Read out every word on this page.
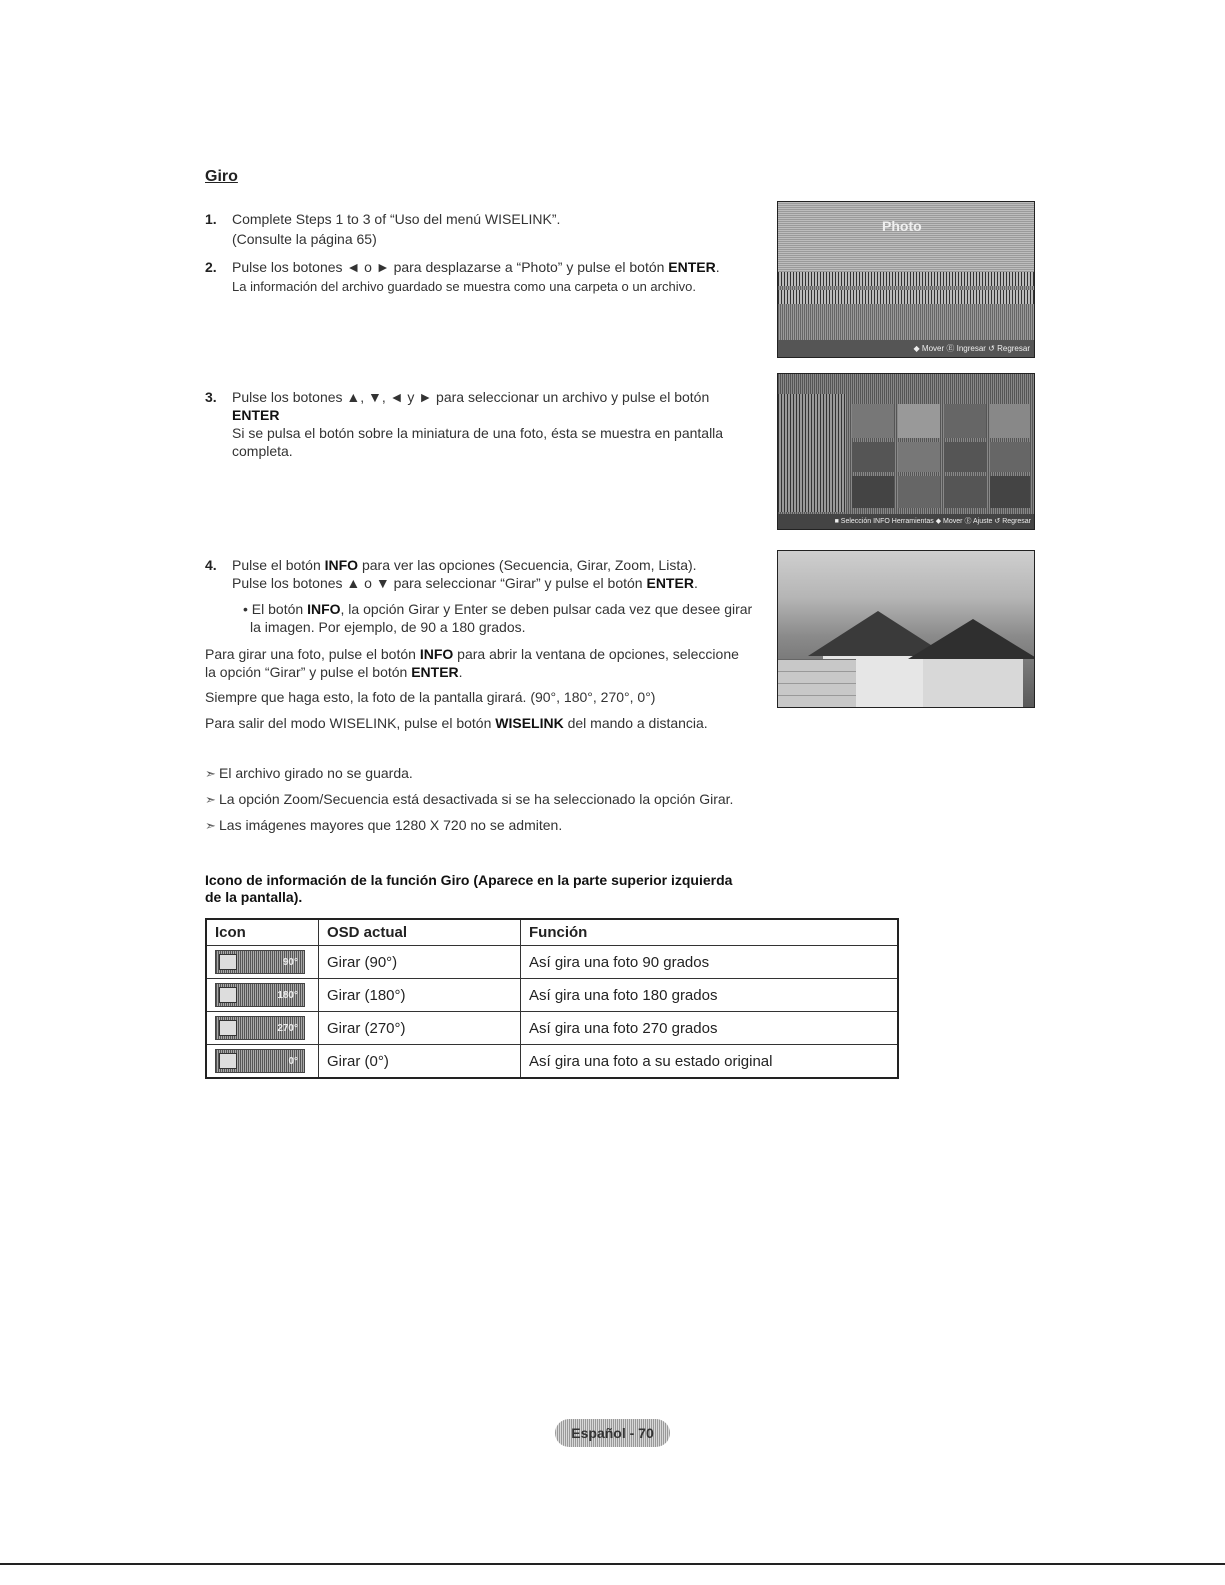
Giro
1.	Complete Steps 1 to 3 of “Uso del menú WISELINK”.
(Consulte la página 65)
2.	Pulse los botones ◄ o ► para desplazarse a “Photo” y pulse el botón ENTER.
La información del archivo guardado se muestra como una carpeta o un archivo.
3.	Pulse los botones ▲, ▼, ◄ y ► para seleccionar un archivo y pulse el botón
ENTER
Si se pulsa el botón sobre la miniatura de una foto, ésta se muestra en pantalla
completa.
4.	Pulse el botón INFO para ver las opciones (Secuencia, Girar, Zoom, Lista).
Pulse los botones ▲ o ▼ para seleccionar “Girar” y pulse el botón ENTER.
• El botón INFO, la opción Girar y Enter se deben pulsar cada vez que desee girar
la imagen. Por ejemplo, de 90 a 180 grados.
Para girar una foto, pulse el botón INFO para abrir la ventana de opciones, seleccione
la opción “Girar” y pulse el botón ENTER.
Siempre que haga esto, la foto de la pantalla girará. (90°, 180°, 270°, 0°)
Para salir del modo WISELINK, pulse el botón WISELINK del mando a distancia.
➣ El archivo girado no se guarda.
➣ La opción Zoom/Secuencia está desactivada si se ha seleccionado la opción Girar.
➣ Las imágenes mayores que 1280 X 720 no se admiten.
Icono de información de la función Giro (Aparece en la parte superior izquierda
de la pantalla).
Icon	OSD actual	Función

90°	Girar (90°)	Así gira una foto 90 grados

180°	Girar (180°)	Así gira una foto 180 grados

270°	Girar (270°)	Así gira una foto 270 grados

0°	Girar (0°)	Así gira una foto a su estado original
Photo
◆ Mover Ⓔ Ingresar ↺ Regresar
■ Selección INFO Herramientas ◆ Mover Ⓔ Ajuste ↺ Regresar
Español - 70
